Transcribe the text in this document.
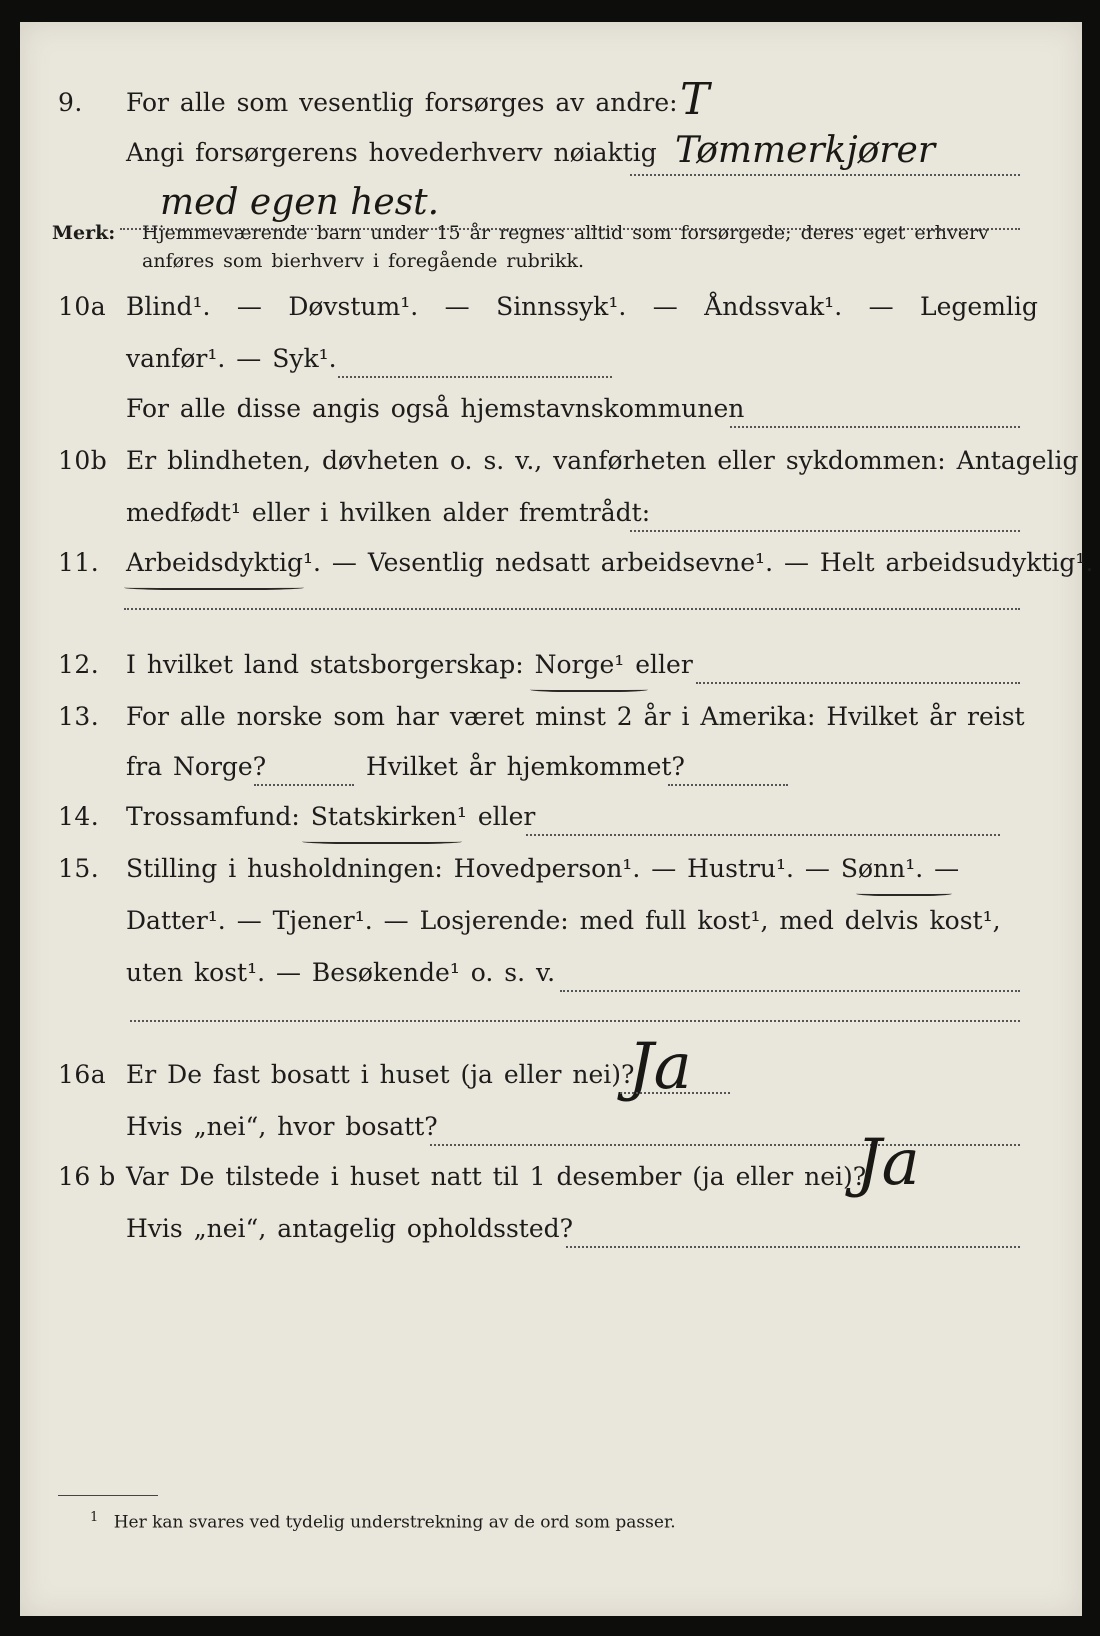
9. For alle som vesentlig forsørges av andre: T
Angi forsørgerens hovederhverv nøiaktig Tømmerkjører
med egen hest.
Merk: Hjemmeværende barn under 15 år regnes alltid som forsørgede; deres eget erhverv
anføres som bierhverv i foregående rubrikk.
10a Blind¹. — Døvstum¹. — Sinnssyk¹. — Åndssvak¹. — Legemlig
vanfør¹. — Syk¹.
For alle disse angis også hjemstavnskommunen
10b Er blindheten, døvheten o. s. v., vanførheten eller sykdommen: Antagelig
medfødt¹ eller i hvilken alder fremtrådt:
11. Arbeidsdyktig¹. — Vesentlig nedsatt arbeidsevne¹. — Helt arbeidsudyktig¹.
12. I hvilket land statsborgerskap: Norge¹ eller
13. For alle norske som har været minst 2 år i Amerika: Hvilket år reist
fra Norge?	Hvilket år hjemkommet?
14. Trossamfund: Statskirken¹ eller
15. Stilling i husholdningen: Hovedperson¹. — Hustru¹. — Sønn¹. —
Datter¹. — Tjener¹. — Losjerende: med full kost¹, med delvis kost¹,
uten kost¹. — Besøkende¹ o. s. v.
16a Er De fast bosatt i huset (ja eller nei)?
Ja
Hvis „nei“, hvor bosatt?
16 b Var De tilstede i huset natt til 1 desember (ja eller nei)?
Ja
Hvis „nei“, antagelig opholdssted?
$^1$ Her kan svares ved tydelig understrekning av de ord som passer.
